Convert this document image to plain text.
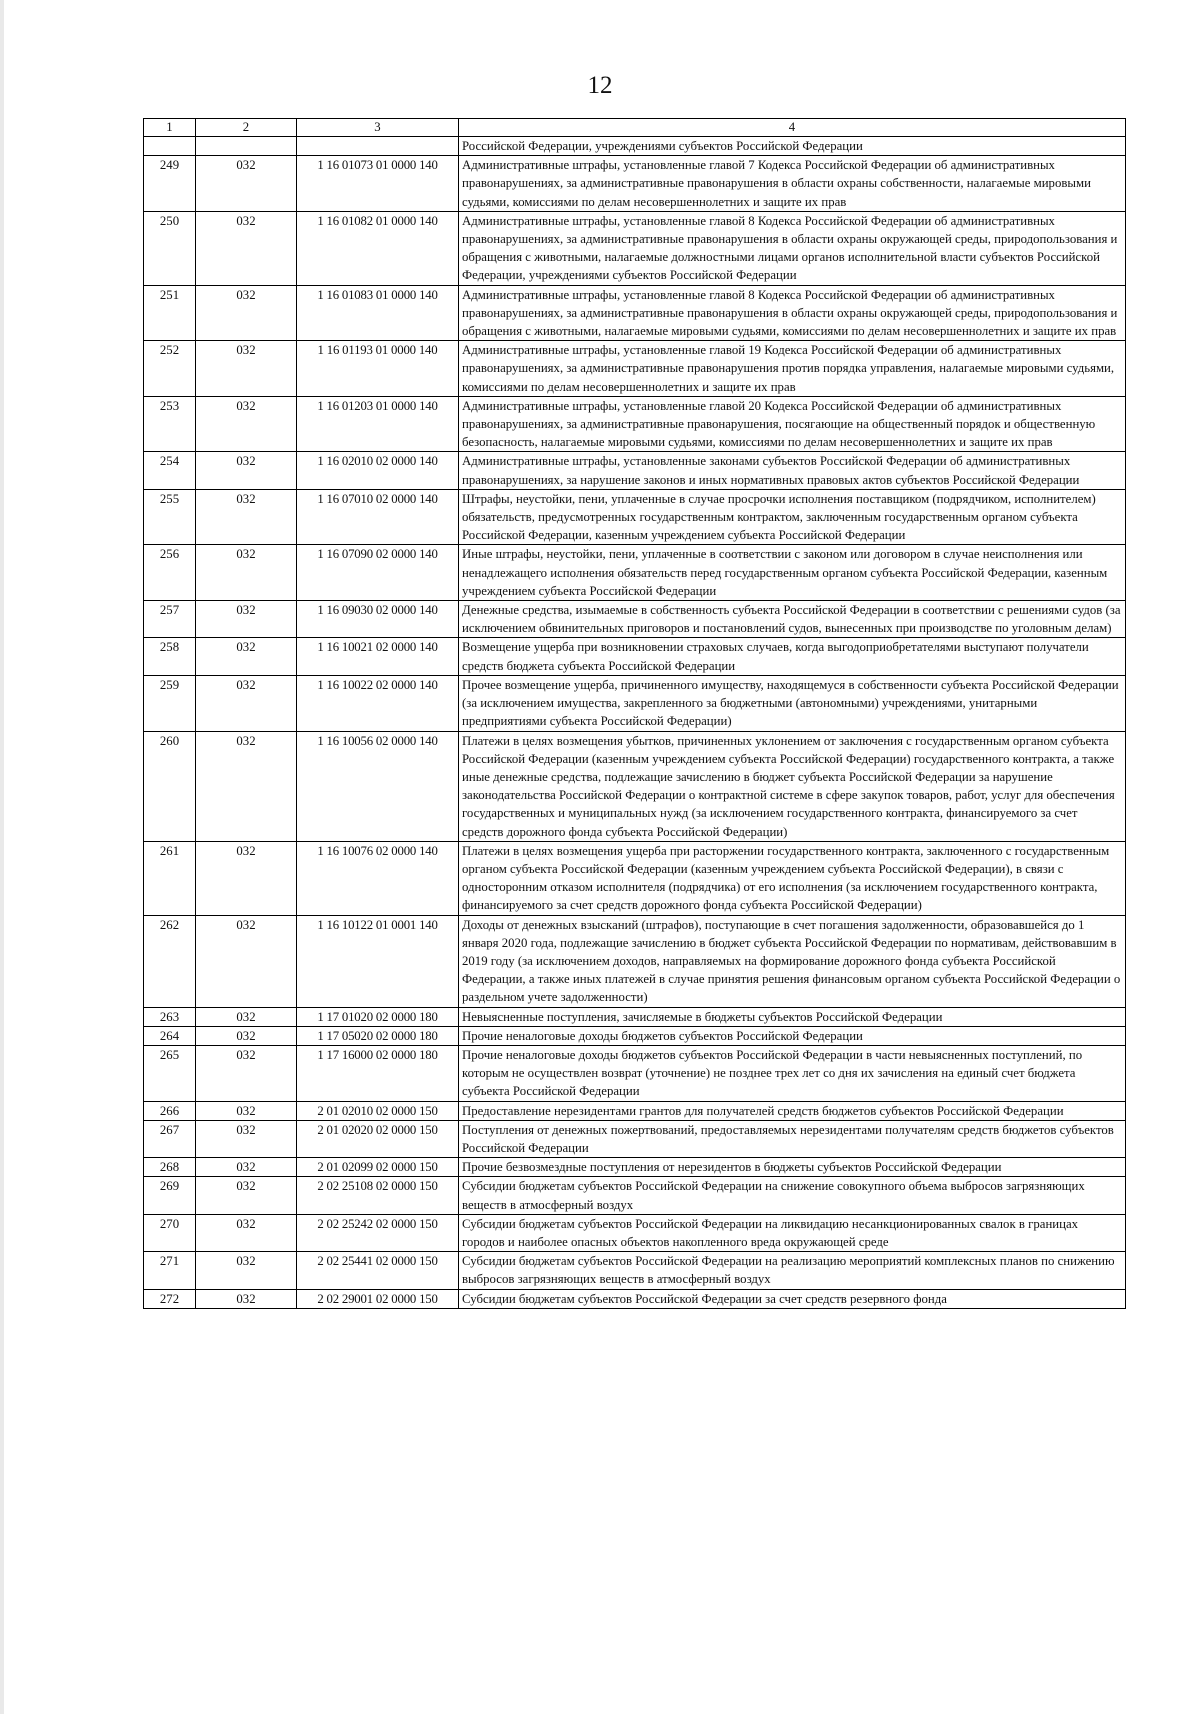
12
1	2	3	4
			Российской Федерации, учреждениями субъектов Российской Федерации
249	032	1 16 01073 01 0000 140	Административные штрафы, установленные главой 7 Кодекса Российской Федерации об административных правонарушениях, за административные правонарушения в области охраны собственности, налагаемые мировыми судьями, комиссиями по делам несовершеннолетних и защите их прав
250	032	1 16 01082 01 0000 140	Административные штрафы, установленные главой 8 Кодекса Российской Федерации об административных правонарушениях, за административные правонарушения в области охраны окружающей среды, природопользования и обращения с животными, налагаемые должностными лицами органов исполнительной власти субъектов Российской Федерации, учреждениями субъектов Российской Федерации
251	032	1 16 01083 01 0000 140	Административные штрафы, установленные главой 8 Кодекса Российской Федерации об административных правонарушениях, за административные правонарушения в области охраны окружающей среды, природопользования и обращения с животными, налагаемые мировыми судьями, комиссиями по делам несовершеннолетних и защите их прав
252	032	1 16 01193 01 0000 140	Административные штрафы, установленные главой 19 Кодекса Российской Федерации об административных правонарушениях, за административные правонарушения против порядка управления, налагаемые мировыми судьями, комиссиями по делам несовершеннолетних и защите их прав
253	032	1 16 01203 01 0000 140	Административные штрафы, установленные главой 20 Кодекса Российской Федерации об административных правонарушениях, за административные правонарушения, посягающие на общественный порядок и общественную безопасность, налагаемые мировыми судьями, комиссиями по делам несовершеннолетних и защите их прав
254	032	1 16 02010 02 0000 140	Административные штрафы, установленные законами субъектов Российской Федерации об административных правонарушениях, за нарушение законов и иных нормативных правовых актов субъектов Российской Федерации
255	032	1 16 07010 02 0000 140	Штрафы, неустойки, пени, уплаченные в случае просрочки исполнения поставщиком (подрядчиком, исполнителем) обязательств, предусмотренных государственным контрактом, заключенным государственным органом субъекта Российской Федерации, казенным учреждением субъекта Российской Федерации
256	032	1 16 07090 02 0000 140	Иные штрафы, неустойки, пени, уплаченные в соответствии с законом или договором в случае неисполнения или ненадлежащего исполнения обязательств перед государственным органом субъекта Российской Федерации, казенным учреждением субъекта Российской Федерации
257	032	1 16 09030 02 0000 140	Денежные средства, изымаемые в собственность субъекта Российской Федерации в соответствии с решениями судов (за исключением обвинительных приговоров и постановлений судов, вынесенных при производстве по уголовным делам)
258	032	1 16 10021 02 0000 140	Возмещение ущерба при возникновении страховых случаев, когда выгодоприобретателями выступают получатели средств бюджета субъекта Российской Федерации
259	032	1 16 10022 02 0000 140	Прочее возмещение ущерба, причиненного имуществу, находящемуся в собственности субъекта Российской Федерации (за исключением имущества, закрепленного за бюджетными (автономными) учреждениями, унитарными предприятиями субъекта Российской Федерации)
260	032	1 16 10056 02 0000 140	Платежи в целях возмещения убытков, причиненных уклонением от заключения с государственным органом субъекта Российской Федерации (казенным учреждением субъекта Российской Федерации) государственного контракта, а также иные денежные средства, подлежащие зачислению в бюджет субъекта Российской Федерации за нарушение законодательства Российской Федерации о контрактной системе в сфере закупок товаров, работ, услуг для обеспечения государственных и муниципальных нужд (за исключением государственного контракта, финансируемого за счет средств дорожного фонда субъекта Российской Федерации)
261	032	1 16 10076 02 0000 140	Платежи в целях возмещения ущерба при расторжении государственного контракта, заключенного с государственным органом субъекта Российской Федерации (казенным учреждением субъекта Российской Федерации), в связи с односторонним отказом исполнителя (подрядчика) от его исполнения (за исключением государственного контракта, финансируемого за счет средств дорожного фонда субъекта Российской Федерации)
262	032	1 16 10122 01 0001 140	Доходы от денежных взысканий (штрафов), поступающие в счет погашения задолженности, образовавшейся до 1 января 2020 года, подлежащие зачислению в бюджет субъекта Российской Федерации по нормативам, действовавшим в 2019 году (за исключением доходов, направляемых на формирование дорожного фонда субъекта Российской Федерации, а также иных платежей в случае принятия решения финансовым органом субъекта Российской Федерации о раздельном учете задолженности)
263	032	1 17 01020 02 0000 180	Невыясненные поступления, зачисляемые в бюджеты субъектов Российской Федерации
264	032	1 17 05020 02 0000 180	Прочие неналоговые доходы бюджетов субъектов Российской Федерации
265	032	1 17 16000 02 0000 180	Прочие неналоговые доходы бюджетов субъектов Российской Федерации в части невыясненных поступлений, по которым не осуществлен возврат (уточнение) не позднее трех лет со дня их зачисления на единый счет бюджета субъекта Российской Федерации
266	032	2 01 02010 02 0000 150	Предоставление нерезидентами грантов для получателей средств бюджетов субъектов Российской Федерации
267	032	2 01 02020 02 0000 150	Поступления от денежных пожертвований, предоставляемых нерезидентами получателям средств бюджетов субъектов Российской Федерации
268	032	2 01 02099 02 0000 150	Прочие безвозмездные поступления от нерезидентов в бюджеты субъектов Российской Федерации
269	032	2 02 25108 02 0000 150	Субсидии бюджетам субъектов Российской Федерации на снижение совокупного объема выбросов загрязняющих веществ в атмосферный воздух
270	032	2 02 25242 02 0000 150	Субсидии бюджетам субъектов Российской Федерации на ликвидацию несанкционированных свалок в границах городов и наиболее опасных объектов накопленного вреда окружающей среде
271	032	2 02 25441 02 0000 150	Субсидии бюджетам субъектов Российской Федерации на реализацию мероприятий комплексных планов по снижению выбросов загрязняющих веществ в атмосферный воздух
272	032	2 02 29001 02 0000 150	Субсидии бюджетам субъектов Российской Федерации за счет средств резервного фонда
